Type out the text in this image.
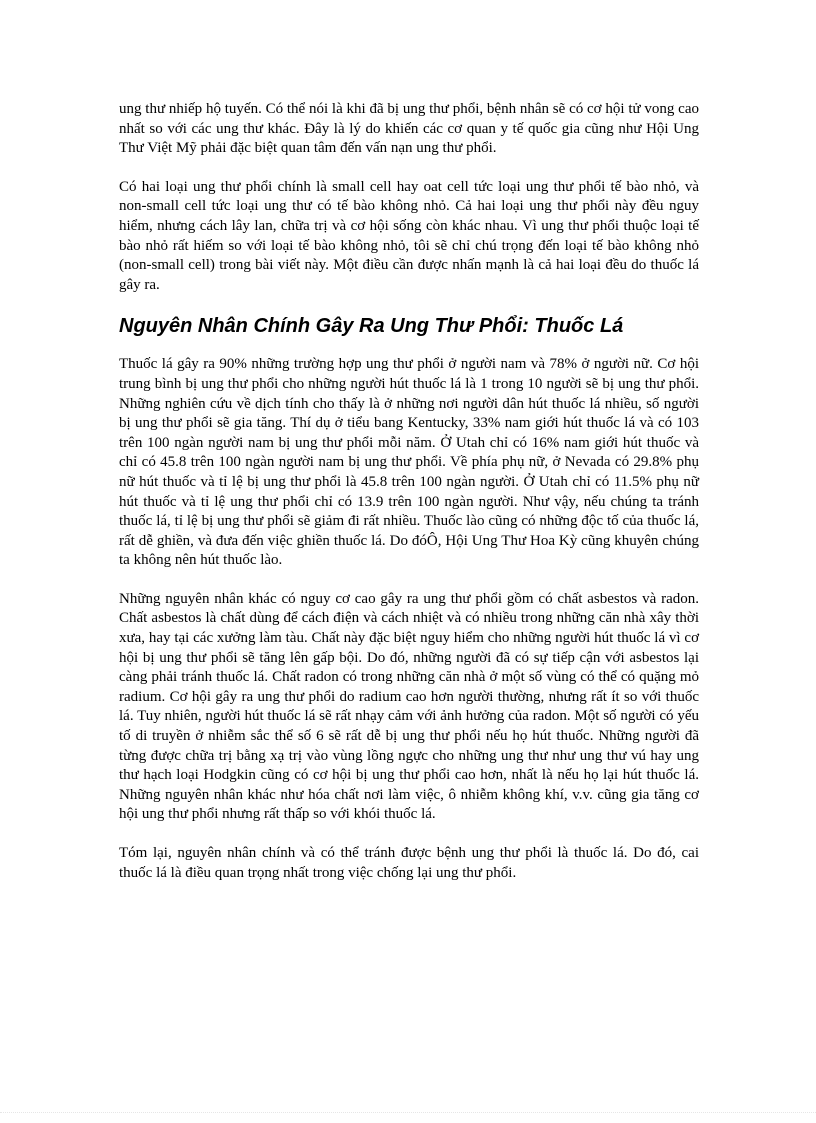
ung thư nhiếp hộ tuyến. Có thể nói là khi đã bị ung thư phổi, bệnh nhân sẽ có cơ hội tử vong cao nhất so với các ung thư khác. Đây là lý do khiến các cơ quan y tế quốc gia cũng như Hội Ung Thư Việt Mỹ phải đặc biệt quan tâm đến vấn nạn ung thư phổi.

Có hai loại ung thư phổi chính là small cell hay oat cell tức loại ung thư phổi tế bào nhỏ, và non-small cell tức loại ung thư có tế bào không nhỏ. Cả hai loại ung thư phổi này đều nguy hiểm, nhưng cách lây lan, chữa trị và cơ hội sống còn khác nhau. Vì ung thư phổi thuộc loại tế bào nhỏ rất hiếm so với loại tế bào không nhỏ, tôi sẽ chỉ chú trọng đến loại tế bào không nhỏ (non-small cell) trong bài viết này. Một điều cần được nhấn mạnh là cả hai loại đều do thuốc lá gây ra.

Nguyên Nhân Chính Gây Ra Ung Thư Phổi: Thuốc Lá

Thuốc lá gây ra 90% những trường hợp ung thư phổi ở người nam và 78% ở người nữ. Cơ hội trung bình bị ung thư phổi cho những người hút thuốc lá là 1 trong 10 người sẽ bị ung thư phổi. Những nghiên cứu về dịch tính cho thấy là ở những nơi người dân hút thuốc lá nhiều, số người bị ung thư phổi sẽ gia tăng. Thí dụ ở tiểu bang Kentucky, 33% nam giới hút thuốc lá và có 103 trên 100 ngàn người nam bị ung thư phổi mỗi năm. Ở Utah chỉ có 16% nam giới hút thuốc và chỉ có 45.8 trên 100 ngàn người nam bị ung thư phổi. Về phía phụ nữ, ở Nevada có 29.8% phụ nữ hút thuốc và tỉ lệ bị ung thư phổi là 45.8 trên 100 ngàn người. Ở Utah chỉ có 11.5% phụ nữ hút thuốc và tỉ lệ ung thư phổi chỉ có 13.9 trên 100 ngàn người. Như vậy, nếu chúng ta tránh thuốc lá, tỉ lệ bị ung thư phổi sẽ giảm đi rất nhiều. Thuốc lào cũng có những độc tố của thuốc lá, rất dễ ghiền, và đưa đến việc ghiền thuốc lá. Do đóÔ, Hội Ung Thư Hoa Kỳ cũng khuyên chúng ta không nên hút thuốc lào.

Những nguyên nhân khác có nguy cơ cao gây ra ung thư phổi gồm có chất asbestos và radon. Chất asbestos là chất dùng để cách điện và cách nhiệt và có nhiều trong những căn nhà xây thời xưa, hay tại các xưởng làm tàu. Chất này đặc biệt nguy hiểm cho những người hút thuốc lá vì cơ hội bị ung thư phổi sẽ tăng lên gấp bội. Do đó, những người đã có sự tiếp cận với asbestos lại càng phải tránh thuốc lá. Chất radon có trong những căn nhà ở một số vùng có thể có quặng mỏ radium. Cơ hội gây ra ung thư phổi do radium cao hơn người thường, nhưng rất ít so với thuốc lá. Tuy nhiên, người hút thuốc lá sẽ rất nhạy cảm với ảnh hưởng của radon. Một số người có yếu tố di truyền ở nhiễm sắc thể số 6 sẽ rất dễ bị ung thư phổi nếu họ hút thuốc. Những người đã từng được chữa trị bằng xạ trị vào vùng lồng ngực cho những ung thư như ung thư vú hay ung thư hạch loại Hodgkin cũng có cơ hội bị ung thư phổi cao hơn, nhất là nếu họ lại hút thuốc lá. Những nguyên nhân khác như hóa chất nơi làm việc, ô nhiễm không khí, v.v. cũng gia tăng cơ hội ung thư phổi nhưng rất thấp so với khói thuốc lá.

Tóm lại, nguyên nhân chính và có thể tránh được bệnh ung thư phổi là thuốc lá. Do đó, cai thuốc lá là điều quan trọng nhất trong việc chống lại ung thư phổi.
